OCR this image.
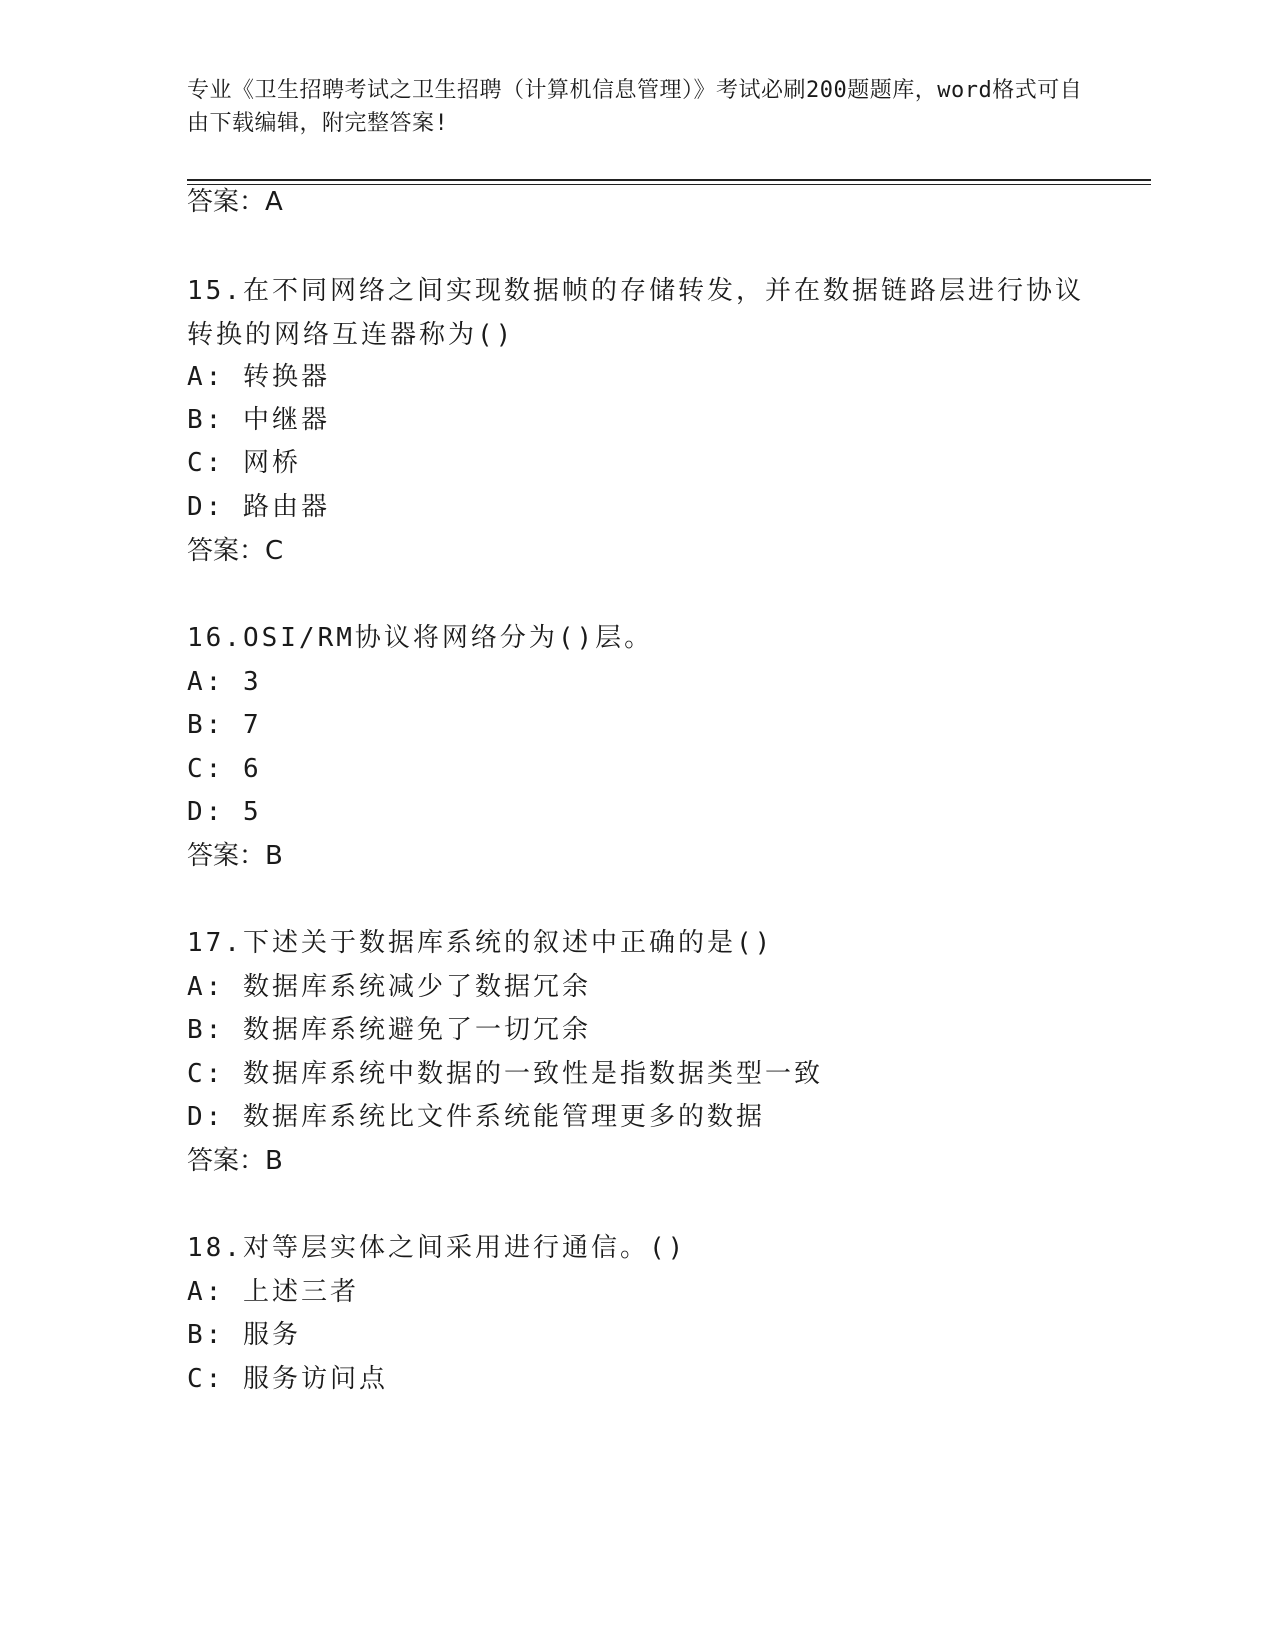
专业《卫生招聘考试之卫生招聘（计算机信息管理）》考试必刷200题题库，word格式可自由下载编辑，附完整答案!
答案：A
15.在不同网络之间实现数据帧的存储转发，并在数据链路层进行协议转换的网络互连器称为()
A: 转换器
B: 中继器
C: 网桥
D: 路由器
答案：C
16.OSI/RM协议将网络分为()层。
A: 3
B: 7
C: 6
D: 5
答案：B
17.下述关于数据库系统的叙述中正确的是()
A: 数据库系统减少了数据冗余
B: 数据库系统避免了一切冗余
C: 数据库系统中数据的一致性是指数据类型一致
D: 数据库系统比文件系统能管理更多的数据
答案：B
18.对等层实体之间采用进行通信。()
A: 上述三者
B: 服务
C: 服务访问点
